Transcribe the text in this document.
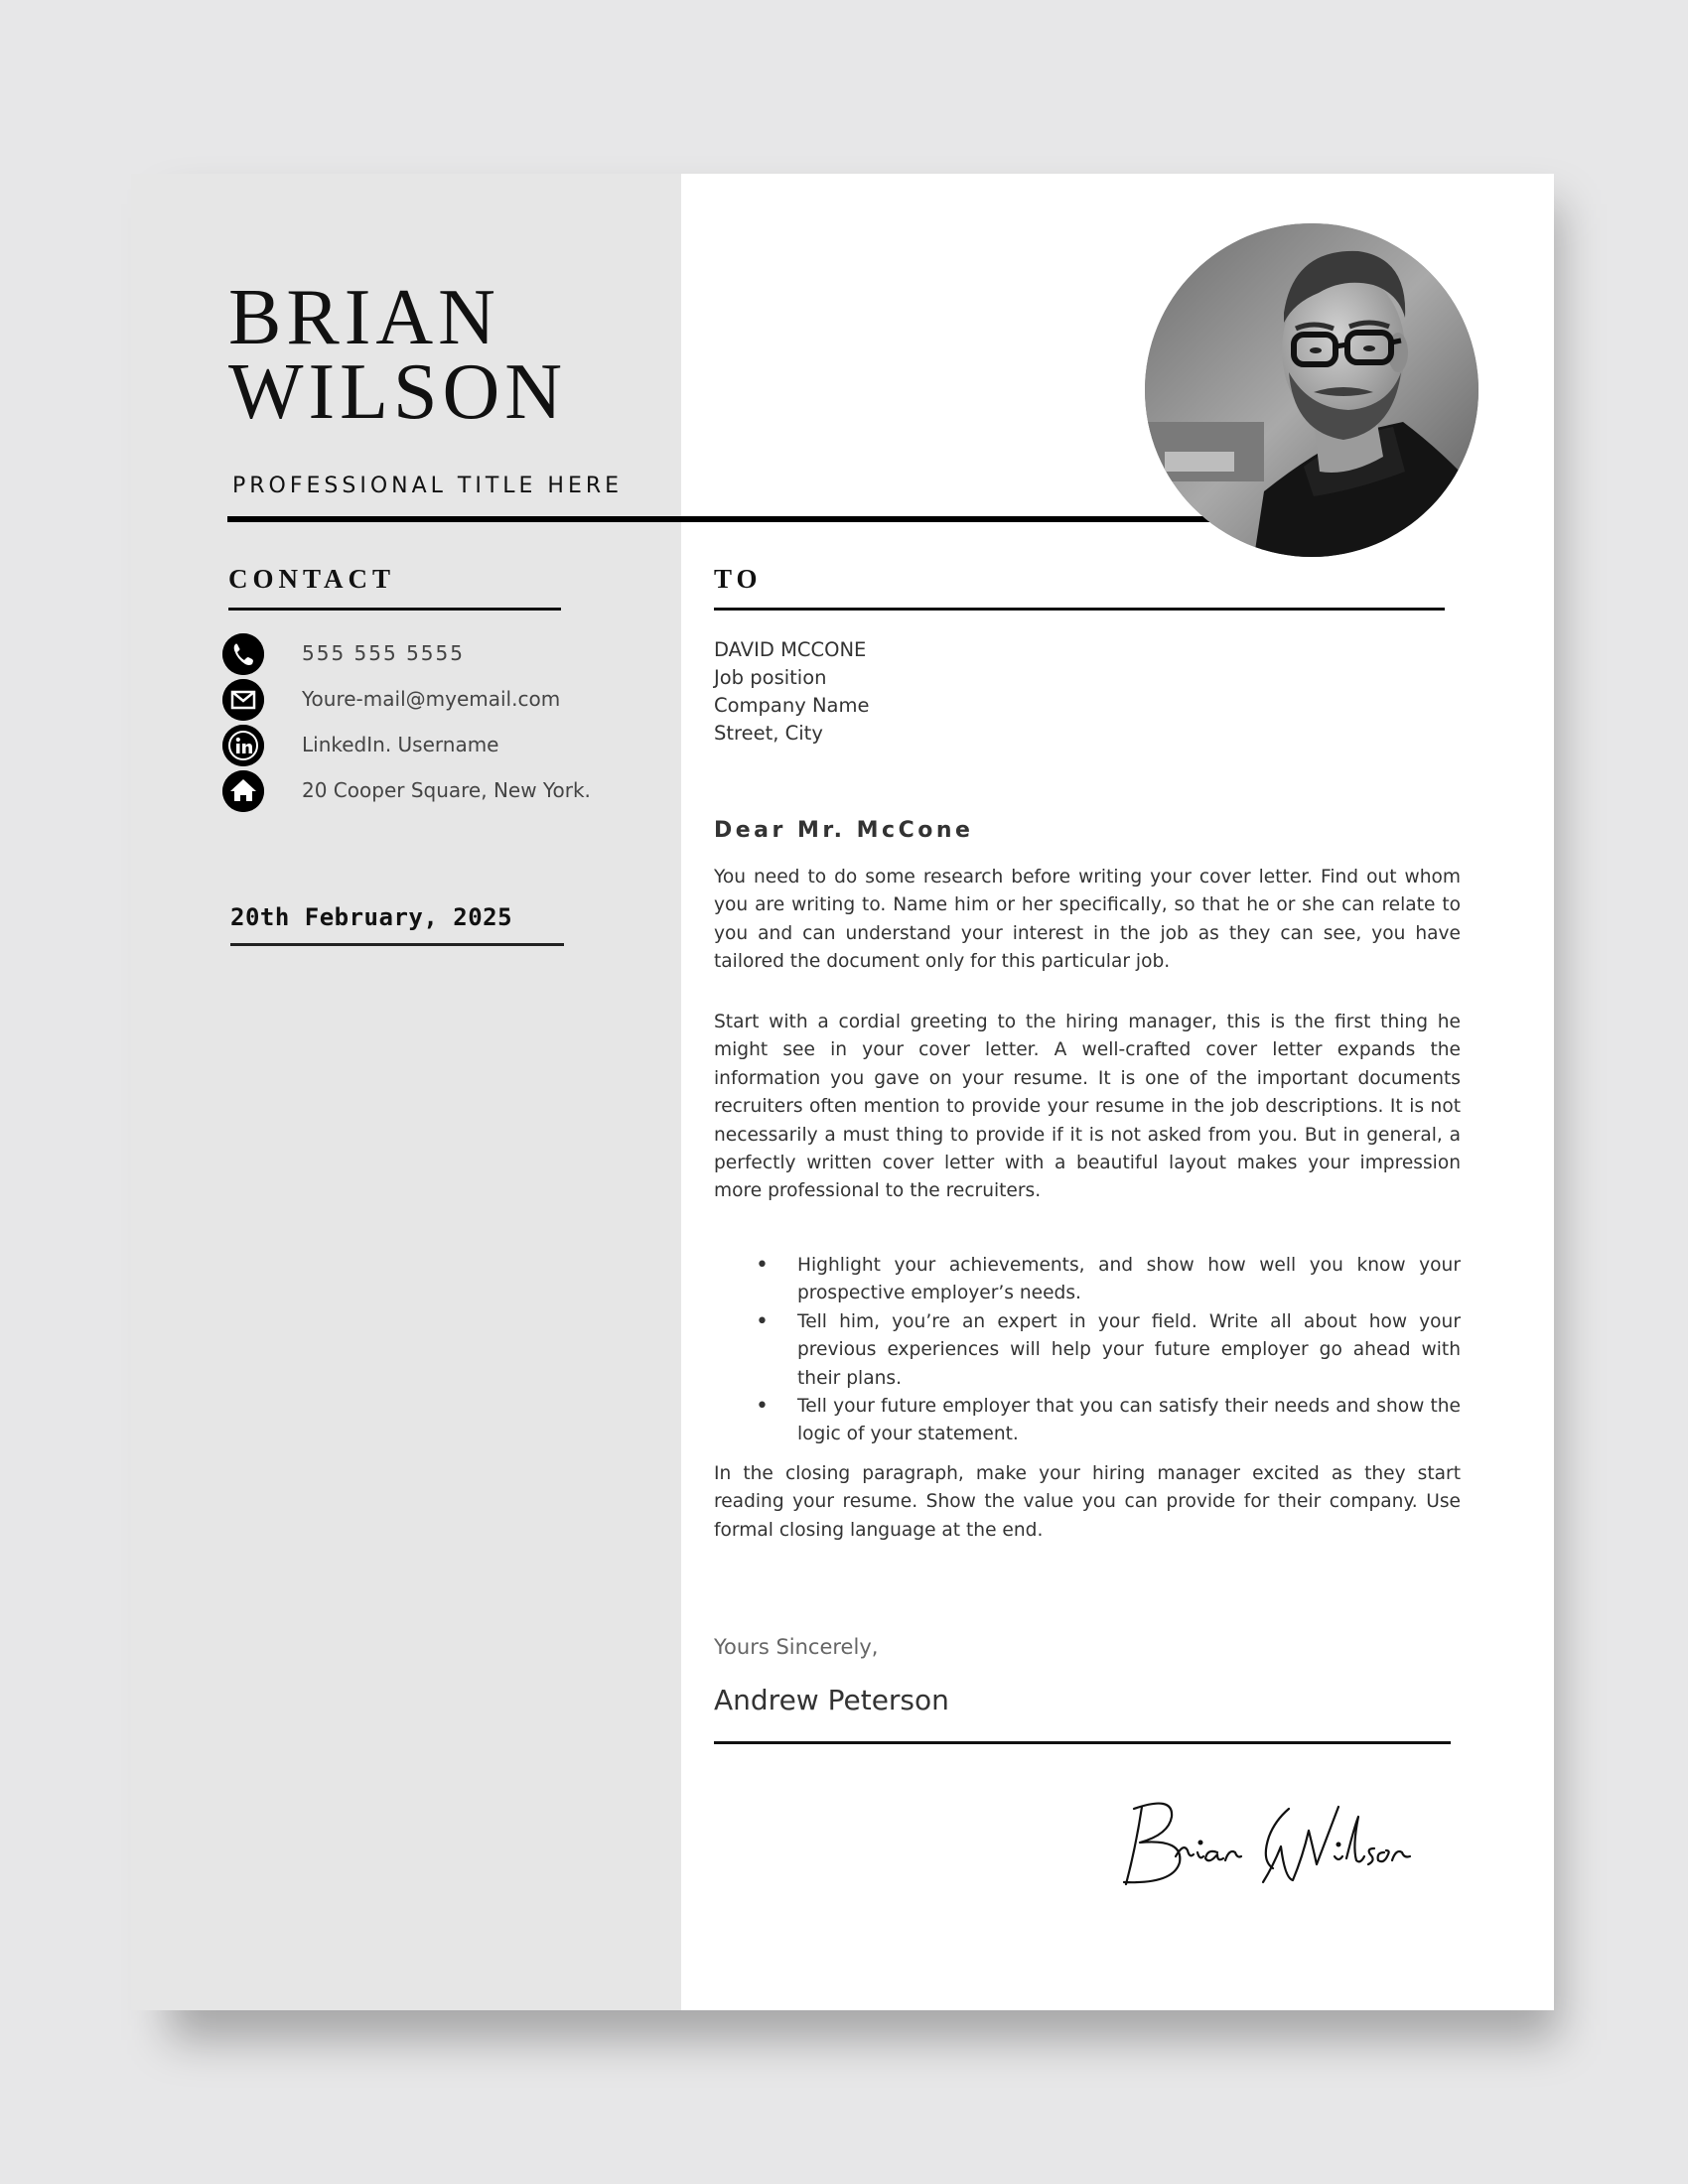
BRIAN
WILSON
PROFESSIONAL TITLE HERE
CONTACT
555 555 5555
Youre-mail@myemail.com
LinkedIn. Username
20 Cooper Square, New York.
20th February, 2025
TO
DAVID MCCONE
Job position
Company Name
Street, City
Dear Mr. McCone

You need to do some research before writing your cover letter. Find out whom you are writing to. Name him or her specifically, so that he or she can relate to you and can understand your interest in the job as they can see, you have tailored the document only for this particular job.

Start with a cordial greeting to the hiring manager, this is the first thing he might see in your cover letter. A well-crafted cover letter expands the information you gave on your resume. It is one of the important documents recruiters often mention to provide your resume in the job descriptions. It is not necessarily a must thing to provide if it is not asked from you. But in general, a perfectly written cover letter with a beautiful layout makes your impression more professional to the recruiters.

• Highlight your achievements, and show how well you know your prospective employer’s needs.
• Tell him, you’re an expert in your field. Write all about how your previous experiences will help your future employer go ahead with their plans.
• Tell your future employer that you can satisfy their needs and show the logic of your statement.

In the closing paragraph, make your hiring manager excited as they start reading your resume. Show the value you can provide for their company. Use formal closing language at the end.

Yours Sincerely,
Andrew Peterson
